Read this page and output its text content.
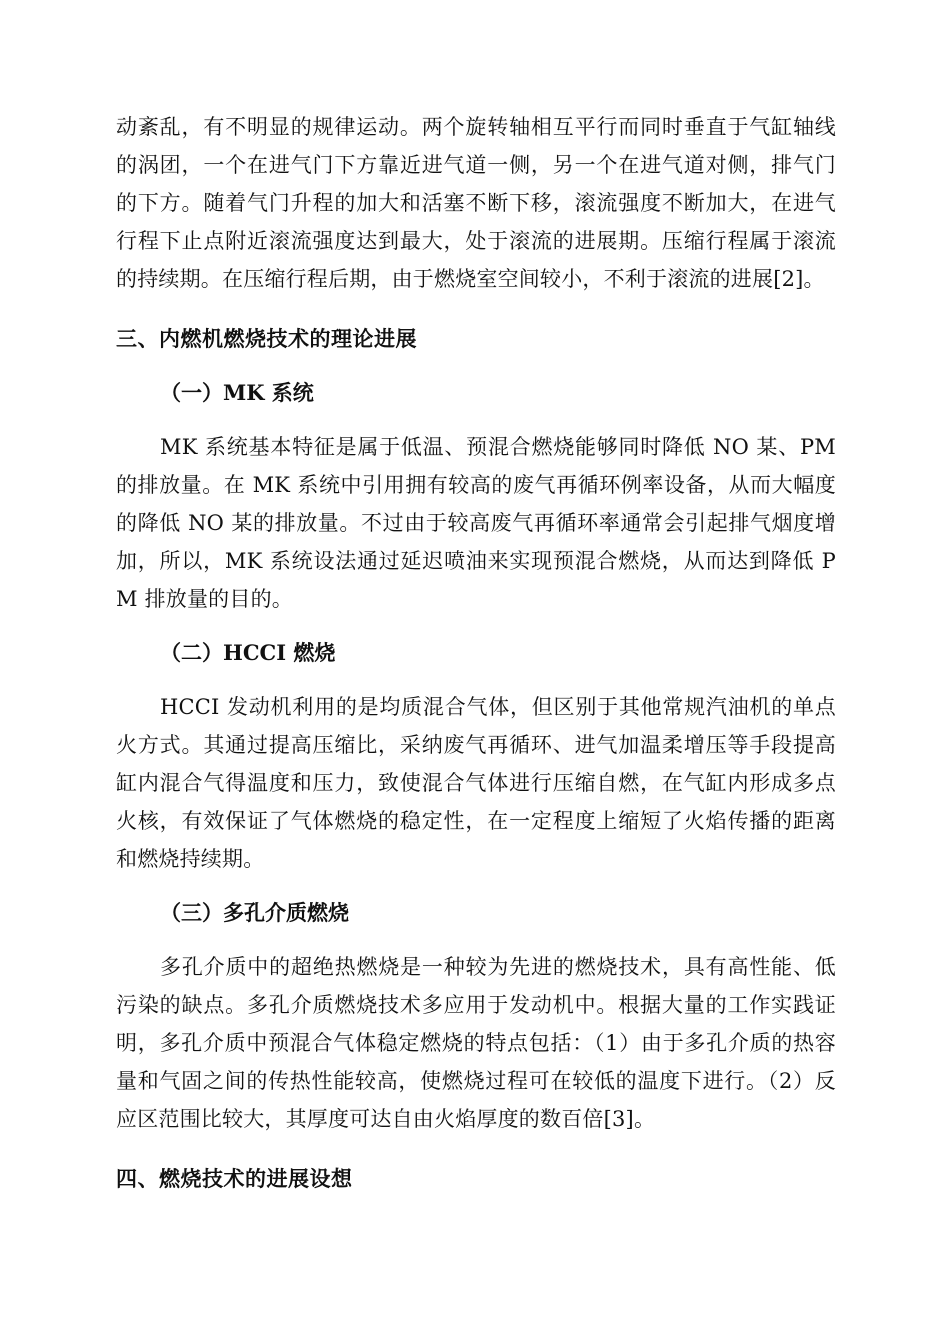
动紊乱，有不明显的规律运动。两个旋转轴相互平行而同时垂直于气缸轴线的涡团，一个在进气门下方靠近进气道一侧，另一个在进气道对侧，排气门的下方。随着气门升程的加大和活塞不断下移，滚流强度不断加大，在进气行程下止点附近滚流强度达到最大，处于滚流的进展期。压缩行程属于滚流的持续期。在压缩行程后期，由于燃烧室空间较小，不利于滚流的进展[2]。

三、内燃机燃烧技术的理论进展
（一）MK 系统

MK 系统基本特征是属于低温、预混合燃烧能够同时降低 NO 某、PM 的排放量。在 MK 系统中引用拥有较高的废气再循环例率设备，从而大幅度的降低 NO 某的排放量。不过由于较高废气再循环率通常会引起排气烟度增加，所以，MK 系统设法通过延迟喷油来实现预混合燃烧，从而达到降低 PM 排放量的目的。

（二）HCCI 燃烧

HCCI 发动机利用的是均质混合气体，但区别于其他常规汽油机的单点火方式。其通过提高压缩比，采纳废气再循环、进气加温柔增压等手段提高缸内混合气得温度和压力，致使混合气体进行压缩自燃，在气缸内形成多点火核，有效保证了气体燃烧的稳定性，在一定程度上缩短了火焰传播的距离和燃烧持续期。

（三）多孔介质燃烧

多孔介质中的超绝热燃烧是一种较为先进的燃烧技术，具有高性能、低污染的缺点。多孔介质燃烧技术多应用于发动机中。根据大量的工作实践证明，多孔介质中预混合气体稳定燃烧的特点包括：（1）由于多孔介质的热容量和气固之间的传热性能较高，使燃烧过程可在较低的温度下进行。（2）反应区范围比较大，其厚度可达自由火焰厚度的数百倍[3]。

四、燃烧技术的进展设想
